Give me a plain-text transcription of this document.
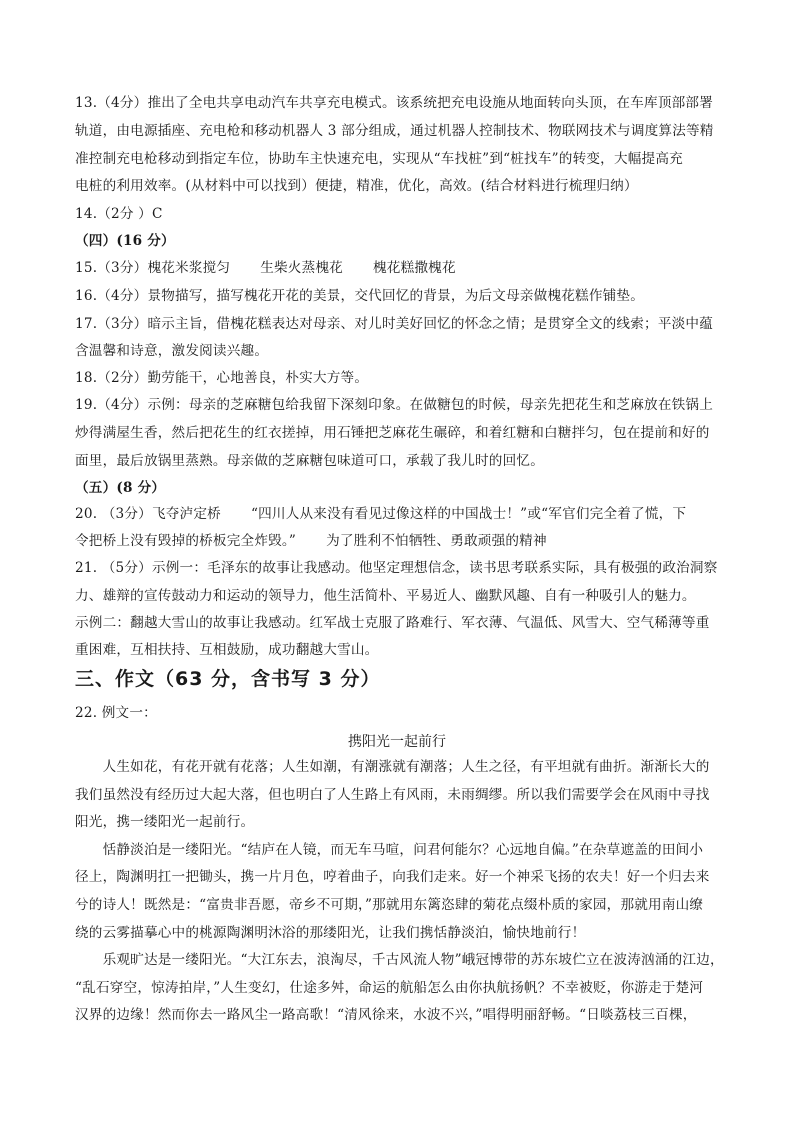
13.（4分）推出了全电共享电动汽车共享充电模式。该系统把充电设施从地面转向头顶，在车库顶部部署
轨道，由电源插座、充电枪和移动机器人 3 部分组成，通过机器人控制技术、物联网技术与调度算法等精
准控制充电枪移动到指定车位，协助车主快速充电，实现从“车找桩”到“桩找车”的转变，大幅提高充
电桩的利用效率。(从材料中可以找到）便捷，精准，优化，高效。(结合材料进行梳理归纳）
14.（2分 ）C
（四）(16 分）
15.（3分）槐花米浆搅匀 生柴火蒸槐花 槐花糕撒槐花
16.（4分）景物描写，描写槐花开花的美景，交代回忆的背景，为后文母亲做槐花糕作铺垫。
17.（3分）暗示主旨，借槐花糕表达对母亲、对儿时美好回忆的怀念之情；是贯穿全文的线索；平淡中蕴
含温馨和诗意，激发阅读兴趣。
18.（2分）勤劳能干，心地善良，朴实大方等。
19.（4分）示例：母亲的芝麻糖包给我留下深刻印象。在做糖包的时候，母亲先把花生和芝麻放在铁锅上
炒得满屋生香，然后把花生的红衣搓掉，用石锤把芝麻花生碾碎，和着红糖和白糖拌匀，包在提前和好的
面里，最后放锅里蒸熟。母亲做的芝麻糖包味道可口，承载了我儿时的回忆。
（五）(8 分）
20. （3分）飞夺泸定桥 “四川人从来没有看见过像这样的中国战士！”或“军官们完全着了慌，下
令把桥上没有毁掉的桥板完全炸毁。” 为了胜利不怕牺牲、勇敢顽强的精神
21. （5分）示例一：毛泽东的故事让我感动。他坚定理想信念，读书思考联系实际，具有极强的政治洞察
力、雄辩的宣传鼓动力和运动的领导力，他生活简朴、平易近人、幽默风趣、自有一种吸引人的魅力。
示例二：翻越大雪山的故事让我感动。红军战士克服了路难行、军衣薄、气温低、风雪大、空气稀薄等重
重困难，互相扶持、互相鼓励，成功翻越大雪山。
三、作文（63 分，含书写 3 分）
22. 例文一：
携阳光一起前行
　　人生如花，有花开就有花落；人生如潮，有潮涨就有潮落；人生之径，有平坦就有曲折。渐渐长大的
我们虽然没有经历过大起大落，但也明白了人生路上有风雨，未雨绸缪。所以我们需要学会在风雨中寻找
阳光，携一缕阳光一起前行。
　　恬静淡泊是一缕阳光。“结庐在人镜，而无车马喧，问君何能尔？心远地自偏。”在杂草遮盖的田间小
径上，陶渊明扛一把锄头，携一片月色，哼着曲子，向我们走来。好一个神采飞扬的农夫！好一个归去来
兮的诗人！既然是：“富贵非吾愿，帝乡不可期，”那就用东篱恣肆的菊花点缀朴质的家园，那就用南山缭
绕的云雾描摹心中的桃源陶渊明沐浴的那缕阳光，让我们携恬静淡泊，愉快地前行！
　　乐观旷达是一缕阳光。“大江东去，浪淘尽，千古风流人物”峨冠博带的苏东坡伫立在波涛汹涌的江边，
“乱石穿空，惊涛拍岸，”人生变幻，仕途多舛，命运的航船怎么由你执航扬帆？不幸被贬，你游走于楚河
汉界的边缘！然而你去一路风尘一路高歌！“清风徐来，水波不兴，”唱得明丽舒畅。“日啖荔枝三百棵，
